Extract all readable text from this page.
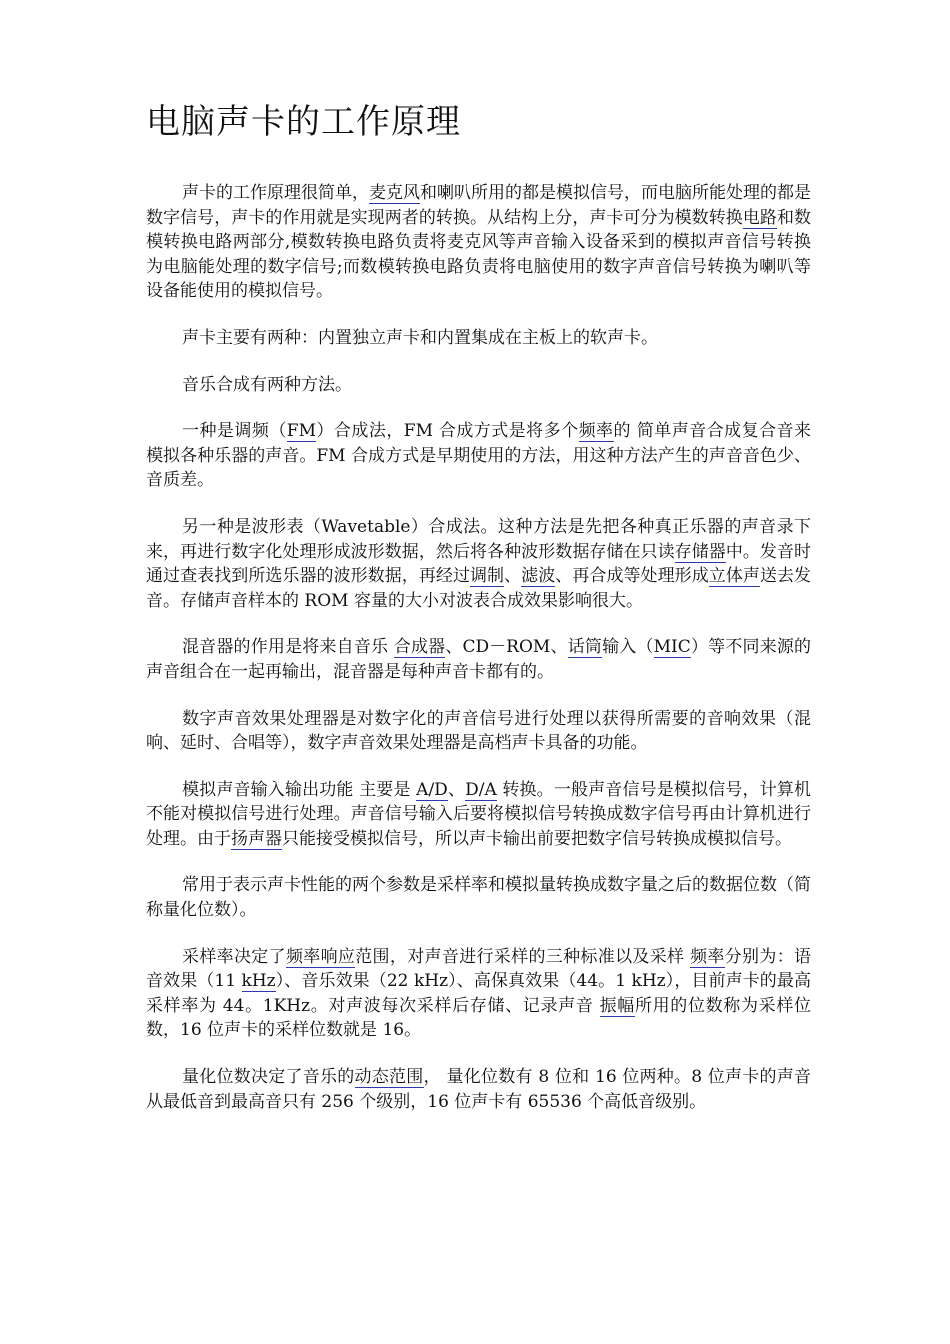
电脑声卡的工作原理

声卡的工作原理很简单，麦克风和喇叭所用的都是模拟信号，而电脑所能处理的都是数字信号，声卡的作用就是实现两者的转换。从结构上分，声卡可分为模数转换电路和数模转换电路两部分,模数转换电路负责将麦克风等声音输入设备采到的模拟声音信号转换为电脑能处理的数字信号;而数模转换电路负责将电脑使用的数字声音信号转换为喇叭等设备能使用的模拟信号。

声卡主要有两种：内置独立声卡和内置集成在主板上的软声卡。

音乐合成有两种方法。

一种是调频（FM）合成法，FM 合成方式是将多个频率的 简单声音合成复合音来模拟各种乐器的声音。FM 合成方式是早期使用的方法，用这种方法产生的声音音色少、音质差。

另一种是波形表（Wavetable）合成法。这种方法是先把各种真正乐器的声音录下来，再进行数字化处理形成波形数据，然后将各种波形数据存储在只读存储器中。发音时通过查表找到所选乐器的波形数据，再经过调制、滤波、再合成等处理形成立体声送去发音。存储声音样本的 ROM 容量的大小对波表合成效果影响很大。

混音器的作用是将来自音乐 合成器、CD－ROM、话筒输入（MIC）等不同来源的声音组合在一起再输出，混音器是每种声音卡都有的。

数字声音效果处理器是对数字化的声音信号进行处理以获得所需要的音响效果（混响、延时、合唱等），数字声音效果处理器是高档声卡具备的功能。

模拟声音输入输出功能 主要是 A/D、D/A 转换。一般声音信号是模拟信号，计算机不能对模拟信号进行处理。声音信号输入后要将模拟信号转换成数字信号再由计算机进行处理。由于扬声器只能接受模拟信号，所以声卡输出前要把数字信号转换成模拟信号。

常用于表示声卡性能的两个参数是采样率和模拟量转换成数字量之后的数据位数（简称量化位数）。

采样率决定了频率响应范围，对声音进行采样的三种标准以及采样 频率分别为：语音效果（11 kHz）、音乐效果（22 kHz）、高保真效果（44。1 kHz），目前声卡的最高采样率为 44。1KHz。对声波每次采样后存储、记录声音 振幅所用的位数称为采样位数，16 位声卡的采样位数就是 16。

量化位数决定了音乐的动态范围， 量化位数有 8 位和 16 位两种。8 位声卡的声音从最低音到最高音只有 256 个级别，16 位声卡有 65536 个高低音级别。
